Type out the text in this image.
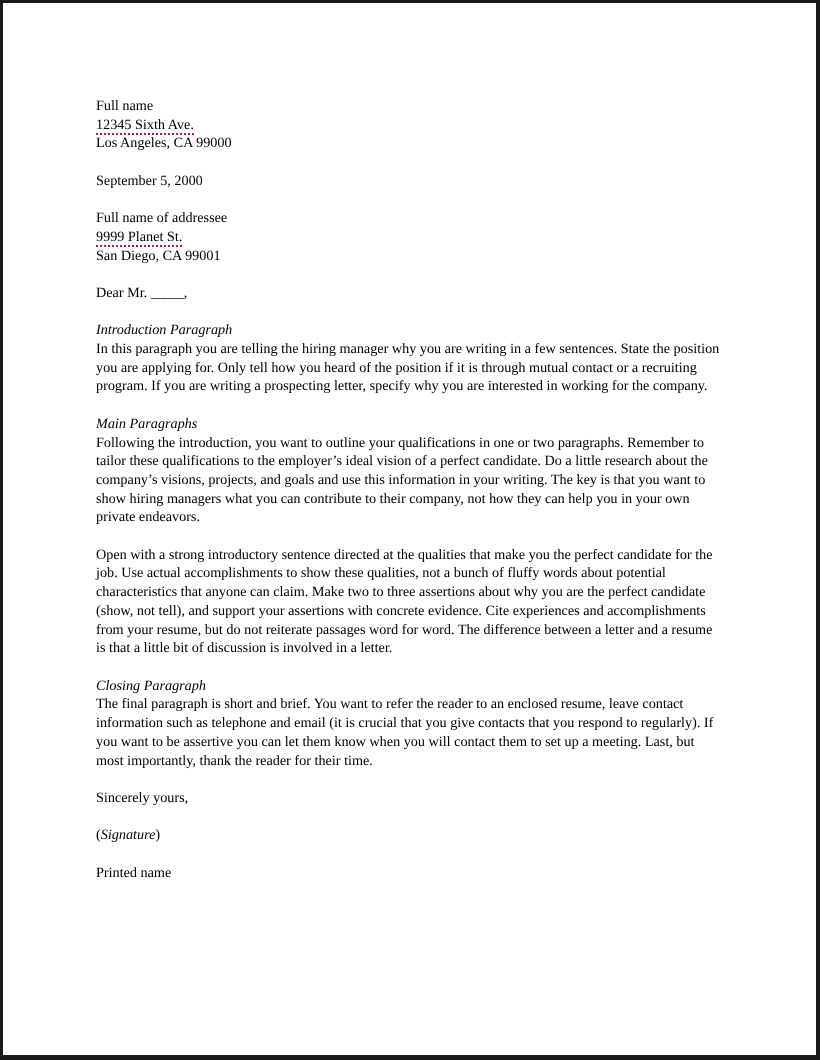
Full name
12345 Sixth Ave.
Los Angeles, CA 99000
September 5, 2000
Full name of addressee
9999 Planet St.
San Diego, CA 99001
Dear Mr. _____,
Introduction Paragraph
In this paragraph you are telling the hiring manager why you are writing in a few sentences. State the position you are applying for. Only tell how you heard of the position if it is through mutual contact or a recruiting program. If you are writing a prospecting letter, specify why you are interested in working for the company.
Main Paragraphs
Following the introduction, you want to outline your qualifications in one or two paragraphs. Remember to tailor these qualifications to the employer’s ideal vision of a perfect candidate. Do a little research about the company’s visions, projects, and goals and use this information in your writing. The key is that you want to show hiring managers what you can contribute to their company, not how they can help you in your own private endeavors.
Open with a strong introductory sentence directed at the qualities that make you the perfect candidate for the job. Use actual accomplishments to show these qualities, not a bunch of fluffy words about potential characteristics that anyone can claim. Make two to three assertions about why you are the perfect candidate (show, not tell), and support your assertions with concrete evidence. Cite experiences and accomplishments from your resume, but do not reiterate passages word for word. The difference between a letter and a resume is that a little bit of discussion is involved in a letter.
Closing Paragraph
The final paragraph is short and brief. You want to refer the reader to an enclosed resume, leave contact information such as telephone and email (it is crucial that you give contacts that you respond to regularly). If you want to be assertive you can let them know when you will contact them to set up a meeting. Last, but most importantly, thank the reader for their time.
Sincerely yours,
(Signature)
Printed name
